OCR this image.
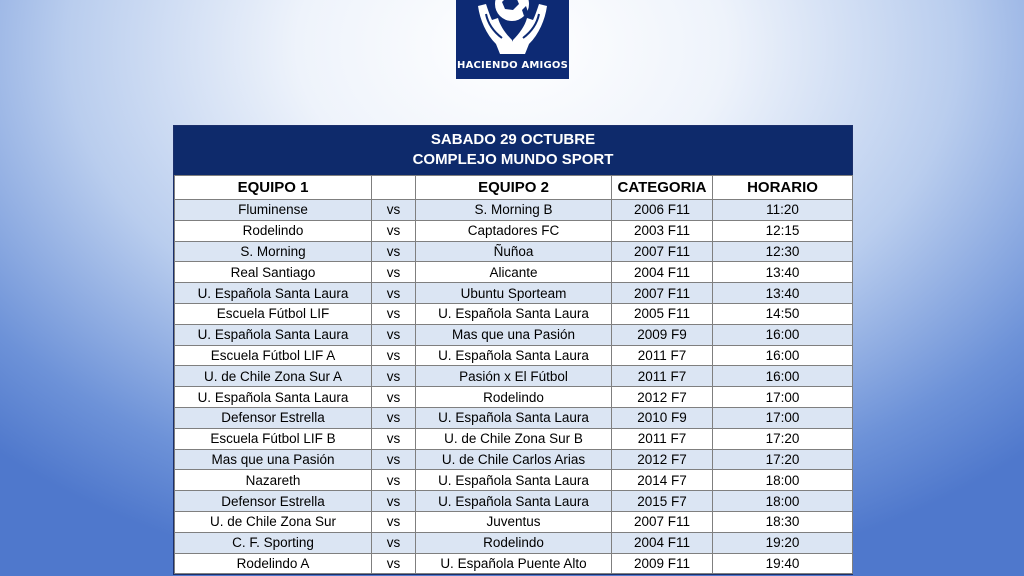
HACIENDO AMIGOS
SABADO 29 OCTUBRE
COMPLEJO MUNDO SPORT
EQUIPO 1		EQUIPO 2	CATEGORIA	HORARIO
Fluminense	vs	S. Morning B	2006 F11	11:20
Rodelindo	vs	Captadores FC	2003 F11	12:15
S. Morning	vs	Ñuñoa	2007 F11	12:30
Real Santiago	vs	Alicante	2004 F11	13:40
U. Española Santa Laura	vs	Ubuntu Sporteam	2007 F11	13:40
Escuela Fútbol LIF	vs	U. Española Santa Laura	2005 F11	14:50
U. Española Santa Laura	vs	Mas que una Pasión	2009 F9	16:00
Escuela Fútbol LIF A	vs	U. Española Santa Laura	2011 F7	16:00
U. de Chile Zona Sur A	vs	Pasión x El Fútbol	2011 F7	16:00
U. Española Santa Laura	vs	Rodelindo	2012 F7	17:00
Defensor Estrella	vs	U. Española Santa Laura	2010 F9	17:00
Escuela Fútbol LIF B	vs	U. de Chile Zona Sur B	2011 F7	17:20
Mas que una Pasión	vs	U. de Chile Carlos Arias	2012 F7	17:20
Nazareth	vs	U. Española Santa Laura	2014 F7	18:00
Defensor Estrella	vs	U. Española Santa Laura	2015 F7	18:00
U. de Chile Zona Sur	vs	Juventus	2007 F11	18:30
C. F. Sporting	vs	Rodelindo	2004 F11	19:20
Rodelindo A	vs	U. Española Puente Alto	2009 F11	19:40
